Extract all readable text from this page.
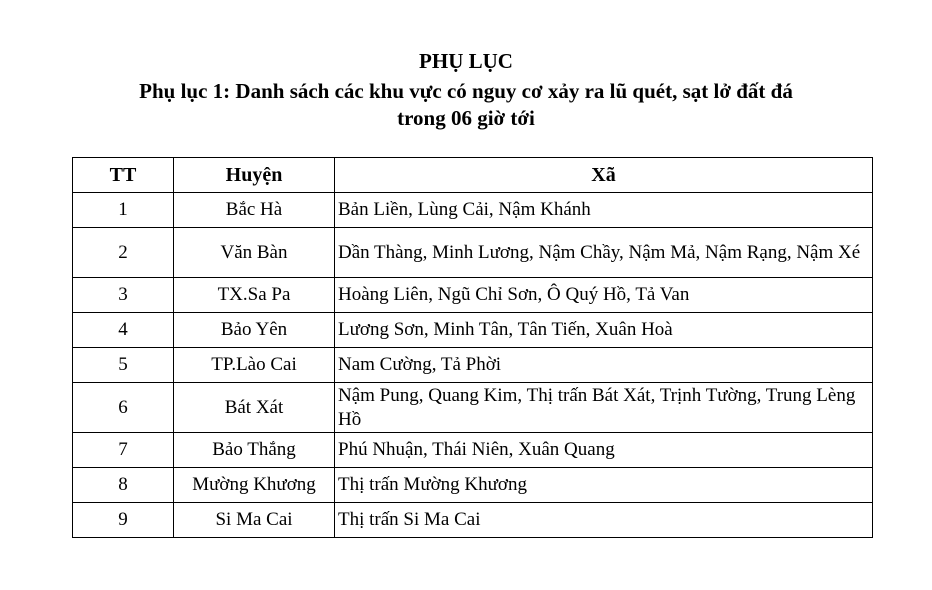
PHỤ LỤC
Phụ lục 1: Danh sách các khu vực có nguy cơ xảy ra lũ quét, sạt lở đất đá
trong 06 giờ tới
TT	Huyện	Xã
1	Bắc Hà	Bản Liền, Lùng Cải, Nậm Khánh
2	Văn Bàn	Dần Thàng, Minh Lương, Nậm Chầy, Nậm Mả, Nậm Rạng, Nậm Xé
3	TX.Sa Pa	Hoàng Liên, Ngũ Chỉ Sơn, Ô Quý Hồ, Tả Van
4	Bảo Yên	Lương Sơn, Minh Tân, Tân Tiến, Xuân Hoà
5	TP.Lào Cai	Nam Cường, Tả Phời
6	Bát Xát	Nậm Pung, Quang Kim, Thị trấn Bát Xát, Trịnh Tường, Trung Lèng Hồ
7	Bảo Thắng	Phú Nhuận, Thái Niên, Xuân Quang
8	Mường Khương	Thị trấn Mường Khương
9	Si Ma Cai	Thị trấn Si Ma Cai
